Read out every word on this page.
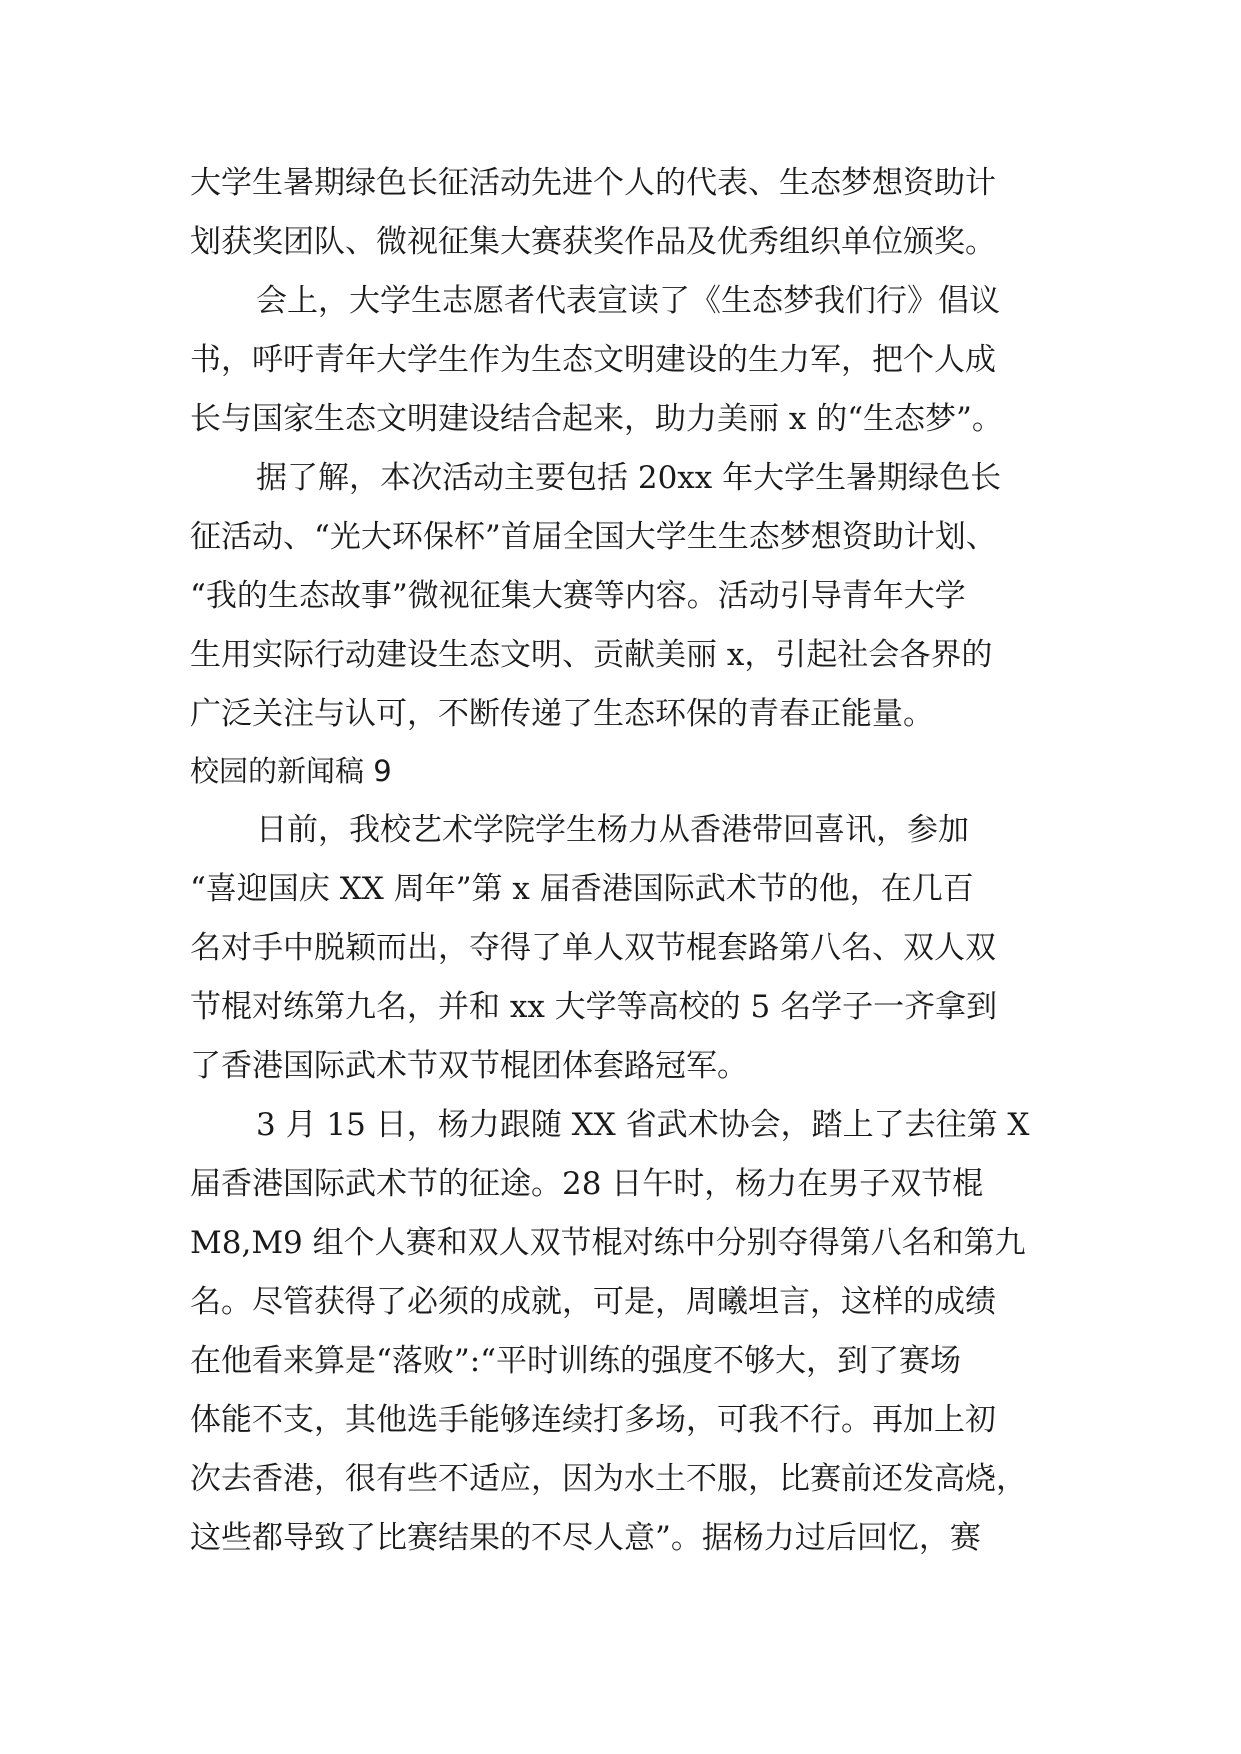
大学生暑期绿色长征活动先进个人的代表、生态梦想资助计
划获奖团队、微视征集大赛获奖作品及优秀组织单位颁奖。
会上，大学生志愿者代表宣读了《生态梦我们行》倡议
书，呼吁青年大学生作为生态文明建设的生力军，把个人成
长与国家生态文明建设结合起来，助力美丽 x 的“生态梦”。
据了解，本次活动主要包括 20xx 年大学生暑期绿色长
征活动、“光大环保杯”首届全国大学生生态梦想资助计划、
“我的生态故事”微视征集大赛等内容。活动引导青年大学
生用实际行动建设生态文明、贡献美丽 x，引起社会各界的
广泛关注与认可，不断传递了生态环保的青春正能量。
校园的新闻稿 9
日前，我校艺术学院学生杨力从香港带回喜讯，参加
“喜迎国庆 XX 周年”第 x 届香港国际武术节的他，在几百
名对手中脱颖而出，夺得了单人双节棍套路第八名、双人双
节棍对练第九名，并和 xx 大学等高校的 5 名学子一齐拿到
了香港国际武术节双节棍团体套路冠军。
3 月 15 日，杨力跟随 XX 省武术协会，踏上了去往第 X
届香港国际武术节的征途。28 日午时，杨力在男子双节棍
M8,M9 组个人赛和双人双节棍对练中分别夺得第八名和第九
名。尽管获得了必须的成就，可是，周曦坦言，这样的成绩
在他看来算是“落败”:“平时训练的强度不够大，到了赛场
体能不支，其他选手能够连续打多场，可我不行。再加上初
次去香港，很有些不适应，因为水土不服，比赛前还发高烧，
这些都导致了比赛结果的不尽人意”。据杨力过后回忆，赛
